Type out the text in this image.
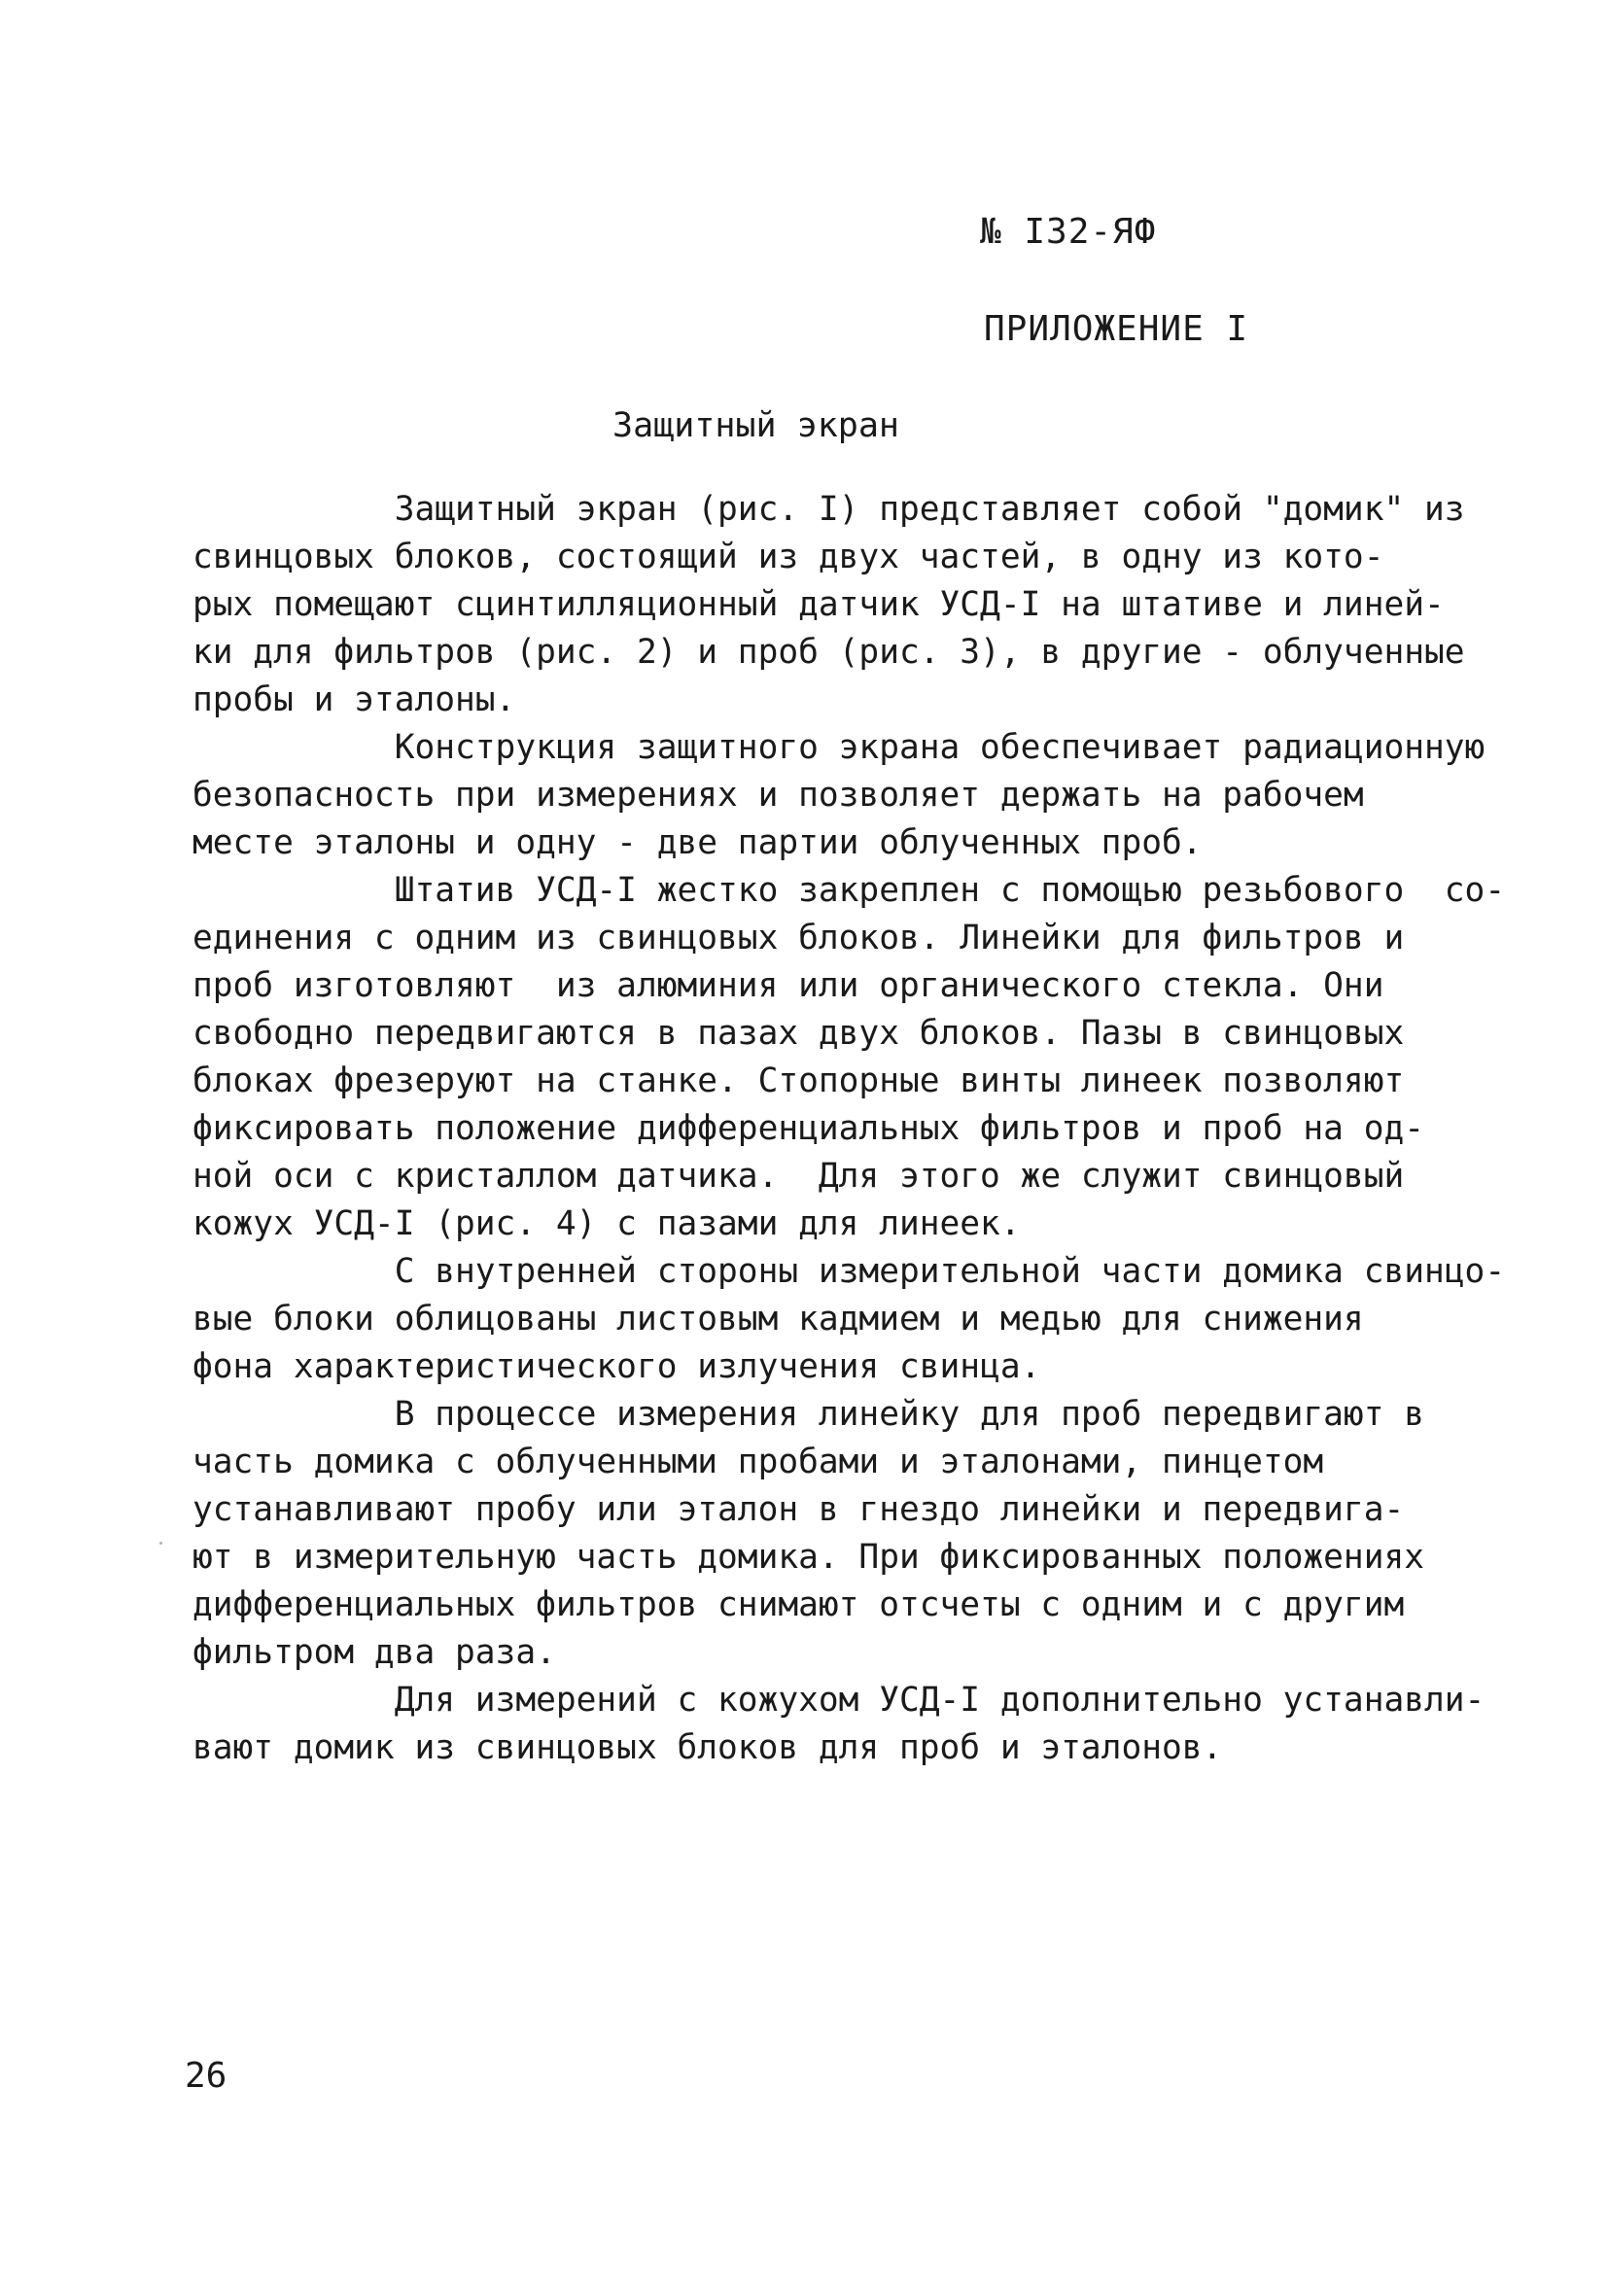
№ I32-ЯФ
ПРИЛОЖЕНИЕ I
Защитный экран

Защитный экран (рис. I) представляет собой "домик" из
свинцовых блоков, состоящий из двух частей, в одну из кото-
рых помещают сцинтилляционный датчик УСД-I на штативе и линей-
ки для фильтров (рис. 2) и проб (рис. 3), в другие - облученные
пробы и эталоны.

Конструкция защитного экрана обеспечивает радиационную
безопасность при измерениях и позволяет держать на рабочем
месте эталоны и одну - две партии облученных проб.

Штатив УСД-I жестко закреплен с помощью резьбового  со-
единения с одним из свинцовых блоков. Линейки для фильтров и
проб изготовляют  из алюминия или органического стекла. Они
свободно передвигаются в пазах двух блоков. Пазы в свинцовых
блоках фрезеруют на станке. Стопорные винты линеек позволяют
фиксировать положение дифференциальных фильтров и проб на од-
ной оси с кристаллом датчика.  Для этого же служит свинцовый
кожух УСД-I (рис. 4) с пазами для линеек.

С внутренней стороны измерительной части домика свинцо-
вые блоки облицованы листовым кадмием и медью для снижения
фона характеристического излучения свинца.

В процессе измерения линейку для проб передвигают в
часть домика с облученными пробами и эталонами, пинцетом
устанавливают пробу или эталон в гнездо линейки и передвига-
ют в измерительную часть домика. При фиксированных положениях
дифференциальных фильтров снимают отсчеты с одним и с другим
фильтром два раза.

Для измерений с кожухом УСД-I дополнительно устанавли-
вают домик из свинцовых блоков для проб и эталонов.

26
